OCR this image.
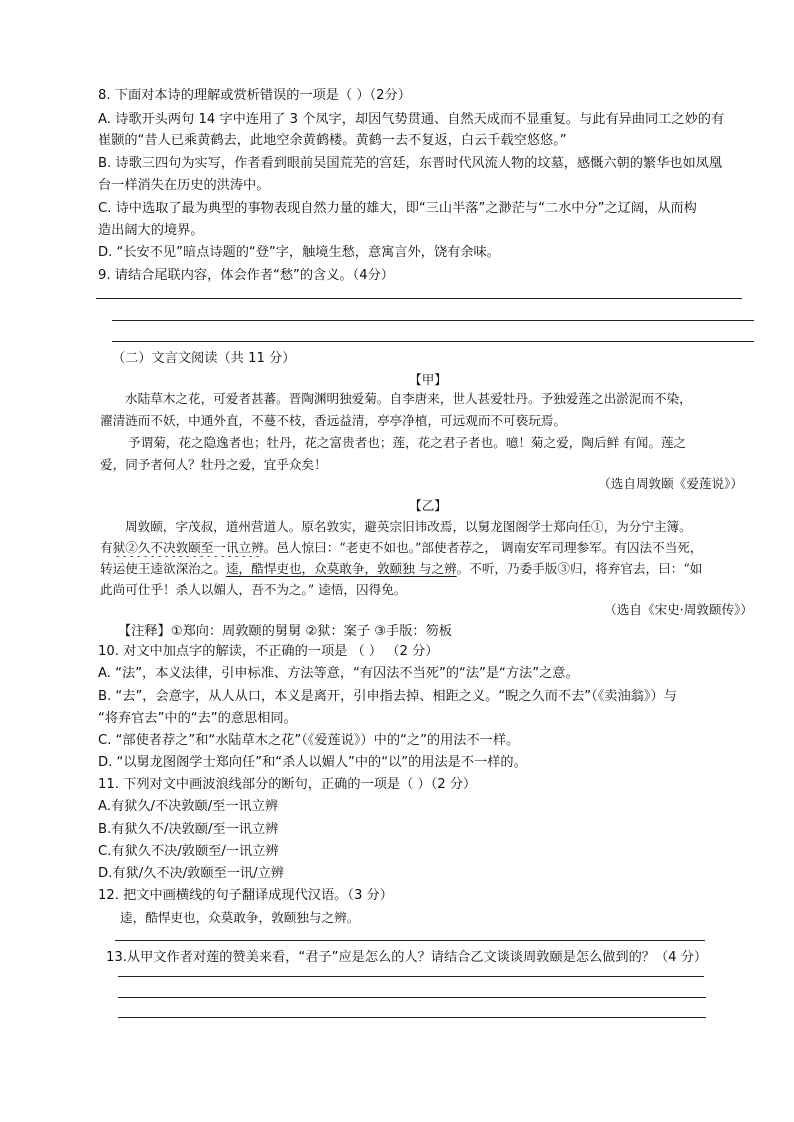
8. 下面对本诗的理解或赏析错误的一项是（ ）（2分）
A. 诗歌开头两句 14 字中连用了 3 个凤字，却因气势贯通、自然天成而不显重复。与此有异曲同工之妙的有
崔颢的“昔人已乘黄鹤去，此地空余黄鹤楼。黄鹤一去不复返，白云千载空悠悠。”
B. 诗歌三四句为实写，作者看到眼前吴国荒芜的宫廷，东晋时代风流人物的坟墓，感慨六朝的繁华也如凤凰
台一样消失在历史的洪涛中。
C. 诗中选取了最为典型的事物表现自然力量的雄大，即“三山半落”之渺茫与“二水中分”之辽阔，从而构
造出阔大的境界。
D. “长安不见”暗点诗题的“登”字，触境生愁，意寓言外，饶有余味。
9. 请结合尾联内容，体会作者“愁”的含义。（4分）
（二）文言文阅读（共 11 分）
【甲】
水陆草木之花，可爱者甚蕃。晋陶渊明独爱菊。自李唐来，世人甚爱牡丹。予独爱莲之出淤泥而不染，
濯清涟而不妖，中通外直，不蔓不枝，香远益清，亭亭净植，可远观而不可亵玩焉。
予谓菊，花之隐逸者也；牡丹，花之富贵者也；莲，花之君子者也。噫！菊之爱，陶后鲜 有闻。莲之
爱，同予者何人？牡丹之爱，宜乎众矣！
（选自周敦颐《爱莲说》）
【乙】
周敦颐，字茂叔，道州营道人。原名敦实，避英宗旧讳改焉，以舅龙图阁学士郑向任①，为分宁主簿。
有狱②久不决敦颐至一讯立辨。邑人惊曰：“老吏不如也。”部使者荐之， 调南安军司理参军。有囚法不当死，
转运使王逵欲深治之。逵，酷悍吏也，众莫敢争，敦颐独 与之辨。不听，乃委手版③归，将弃官去，曰：“如
此尚可仕乎！杀人以媚人，吾不为之。” 逵悟，囚得免。
（选自《宋史·周敦颐传》）
【注释】①郑向：周敦颐的舅舅 ②狱：案子 ③手版：笏板
10. 对文中加点字的解读，不正确的一项是 （ ） （2 分）
A. “法”，本义法律，引申标准、方法等意，“有囚法不当死”的“法”是“方法”之意。
B. “去”，会意字，从人从口，本义是离开，引申指去掉、相距之义。“睨之久而不去”（《卖油翁》）与
“将弃官去”中的“去”的意思相同。
C. “部使者荐之”和“水陆草木之花”（《爱莲说》）中的“之”的用法不一样。
D. “以舅龙图阁学士郑向任”和“杀人以媚人”中的“以”的用法是不一样的。
11. 下列对文中画波浪线部分的断句，正确的一项是（ ）（2 分）
A.有狱久/不决敦颐/至一讯立辨
B.有狱久不/决敦颐/至一讯立辨
C.有狱久不决/敦颐至/一讯立辨
D.有狱/久不决/敦颐至一讯/立辨
12. 把文中画横线的句子翻译成现代汉语。（3 分）
逵，酷悍吏也，众莫敢争，敦颐独与之辨。
13.从甲文作者对莲的赞美来看，“君子”应是怎么的人？请结合乙文谈谈周敦颐是怎么做到的？（4 分）
